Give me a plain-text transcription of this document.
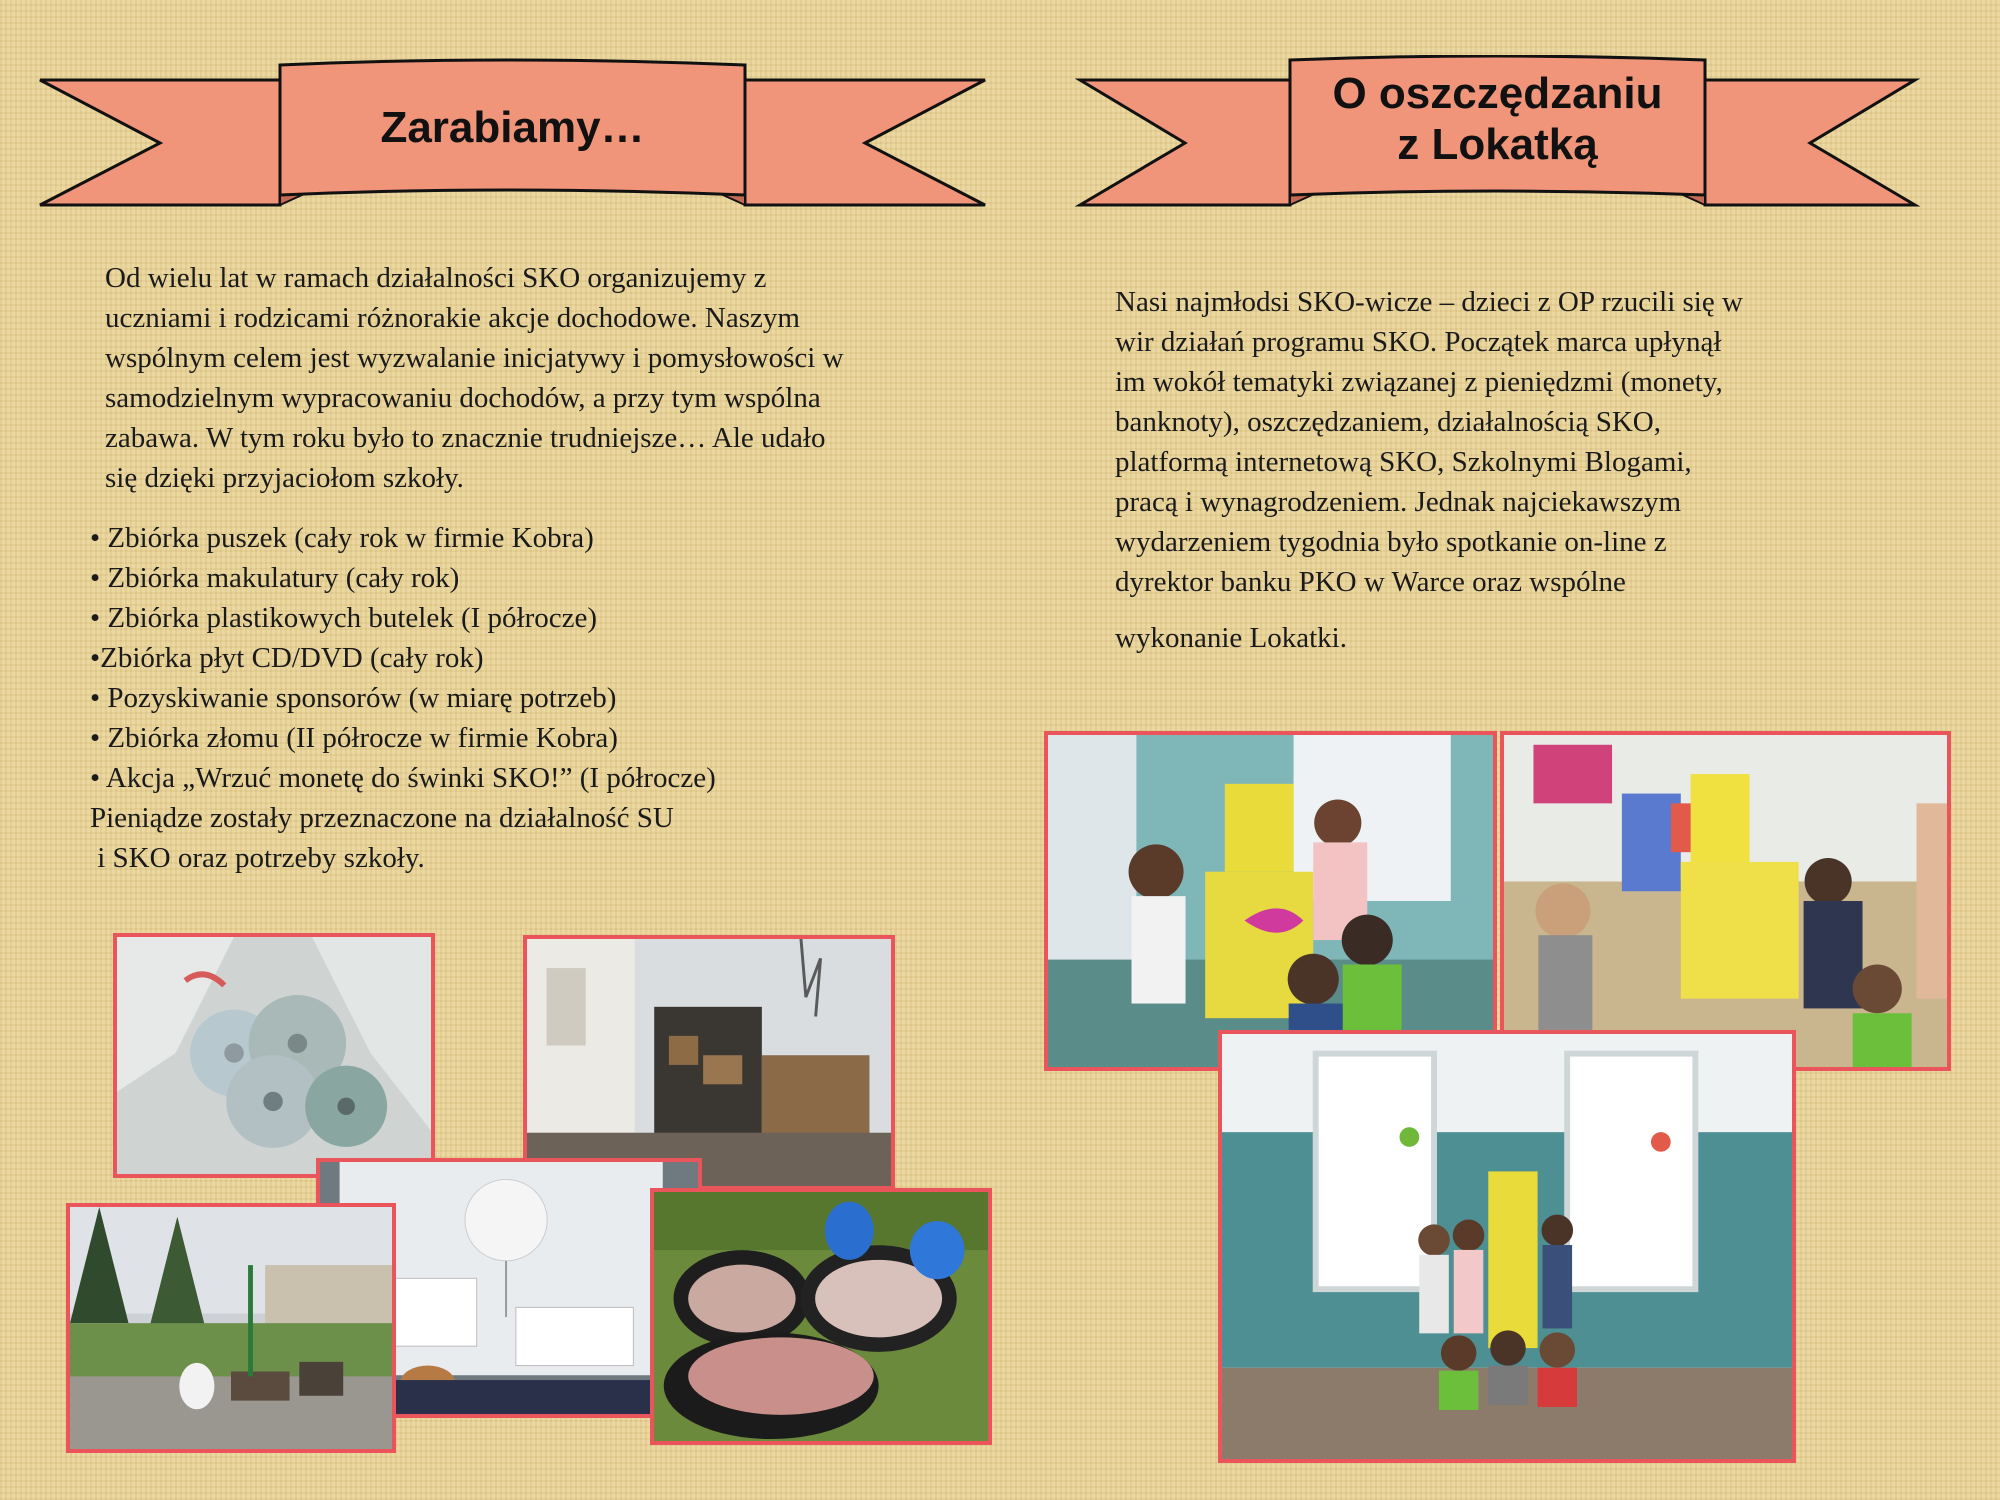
Zarabiamy…
O oszczędzaniu
z Lokatką

Od wielu lat w ramach działalności SKO organizujemy z

uczniami i rodzicami różnorakie akcje dochodowe. Naszym

wspólnym celem jest wyzwalanie inicjatywy i pomysłowości w

samodzielnym wypracowaniu dochodów, a przy tym wspólna

zabawa. W tym roku było to znacznie trudniejsze… Ale udało

się dzięki przyjaciołom szkoły.

• Zbiórka puszek (cały rok w firmie Kobra)
• Zbiórka makulatury (cały rok)
• Zbiórka plastikowych butelek (I półrocze)
•Zbiórka płyt CD/DVD (cały rok)
• Pozyskiwanie sponsorów (w miarę potrzeb)
• Zbiórka złomu (II półrocze w firmie Kobra)
• Akcja „Wrzuć monetę do świnki SKO!” (I półrocze)
Pieniądze zostały przeznaczone na działalność SU
i SKO oraz potrzeby szkoły.

Nasi najmłodsi SKO-wicze – dzieci z OP rzucili się w

wir działań programu SKO. Początek marca upłynął

im wokół tematyki związanej z pieniędzmi (monety,

banknoty), oszczędzaniem, działalnością SKO,

platformą internetową SKO, Szkolnymi Blogami,

pracą i wynagrodzeniem. Jednak najciekawszym

wydarzeniem tygodnia było spotkanie on-line z

dyrektor banku PKO w Warce oraz wspólne

wykonanie Lokatki.
